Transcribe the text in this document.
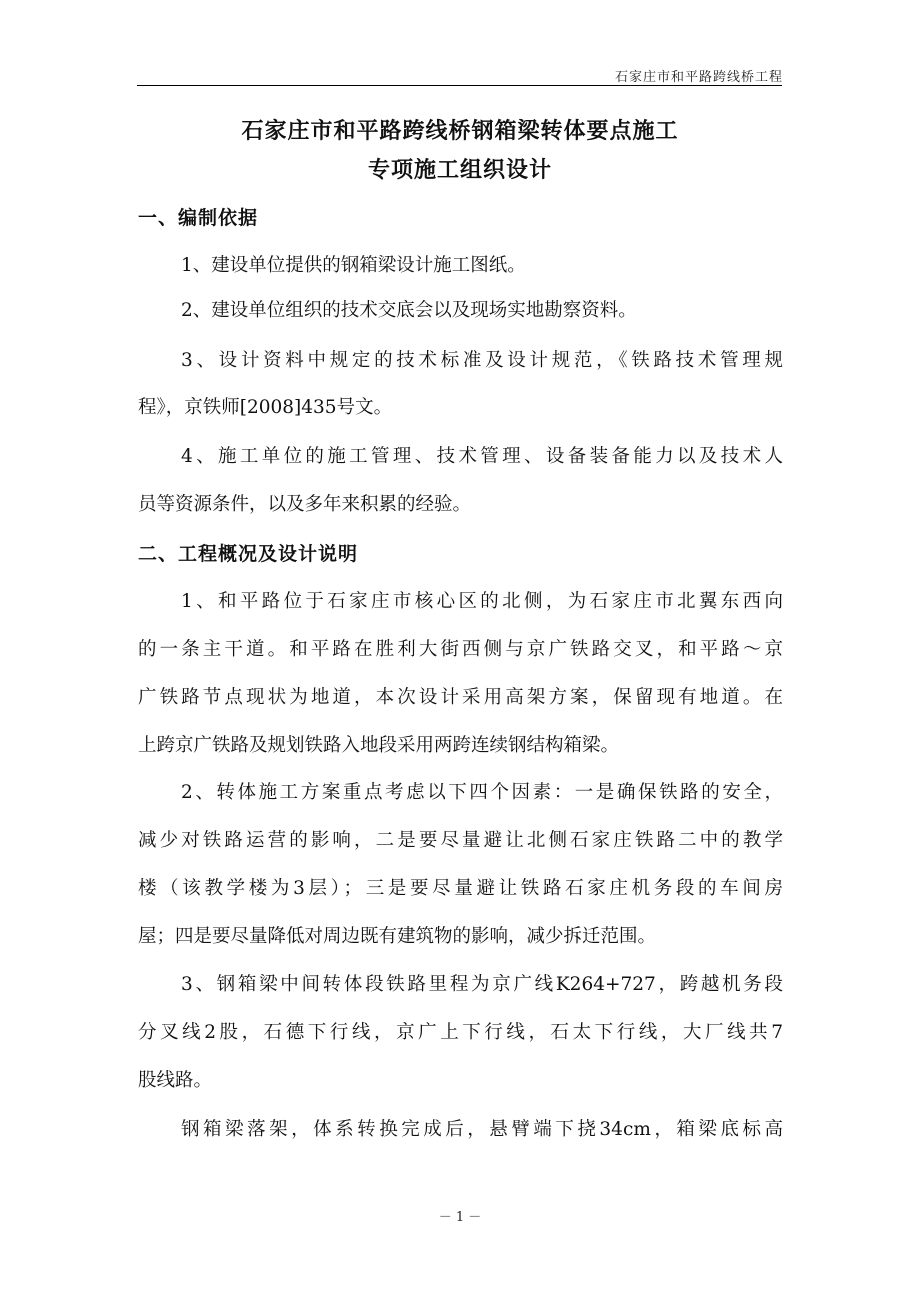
石家庄市和平路跨线桥工程
石家庄市和平路跨线桥钢箱梁转体要点施工
专项施工组织设计
一、编制依据
1、建设单位提供的钢箱梁设计施工图纸。
2、建设单位组织的技术交底会以及现场实地勘察资料。
3、设计资料中规定的技术标准及设计规范，《铁路技术管理规
程》，京铁师[2008]435号文。
4、施工单位的施工管理、技术管理、设备装备能力以及技术人
员等资源条件，以及多年来积累的经验。
二、工程概况及设计说明
1、和平路位于石家庄市核心区的北侧，为石家庄市北翼东西向
的一条主干道。和平路在胜利大街西侧与京广铁路交叉，和平路～京
广铁路节点现状为地道，本次设计采用高架方案，保留现有地道。在
上跨京广铁路及规划铁路入地段采用两跨连续钢结构箱梁。
2、转体施工方案重点考虑以下四个因素：一是确保铁路的安全，
减少对铁路运营的影响，二是要尽量避让北侧石家庄铁路二中的教学
楼（该教学楼为3层）；三是要尽量避让铁路石家庄机务段的车间房
屋；四是要尽量降低对周边既有建筑物的影响，减少拆迁范围。
3、钢箱梁中间转体段铁路里程为京广线K264+727，跨越机务段
分叉线2股，石德下行线，京广上下行线，石太下行线，大厂线共7
股线路。
钢箱梁落架，体系转换完成后，悬臂端下挠34cm，箱梁底标高
－ 1 －
